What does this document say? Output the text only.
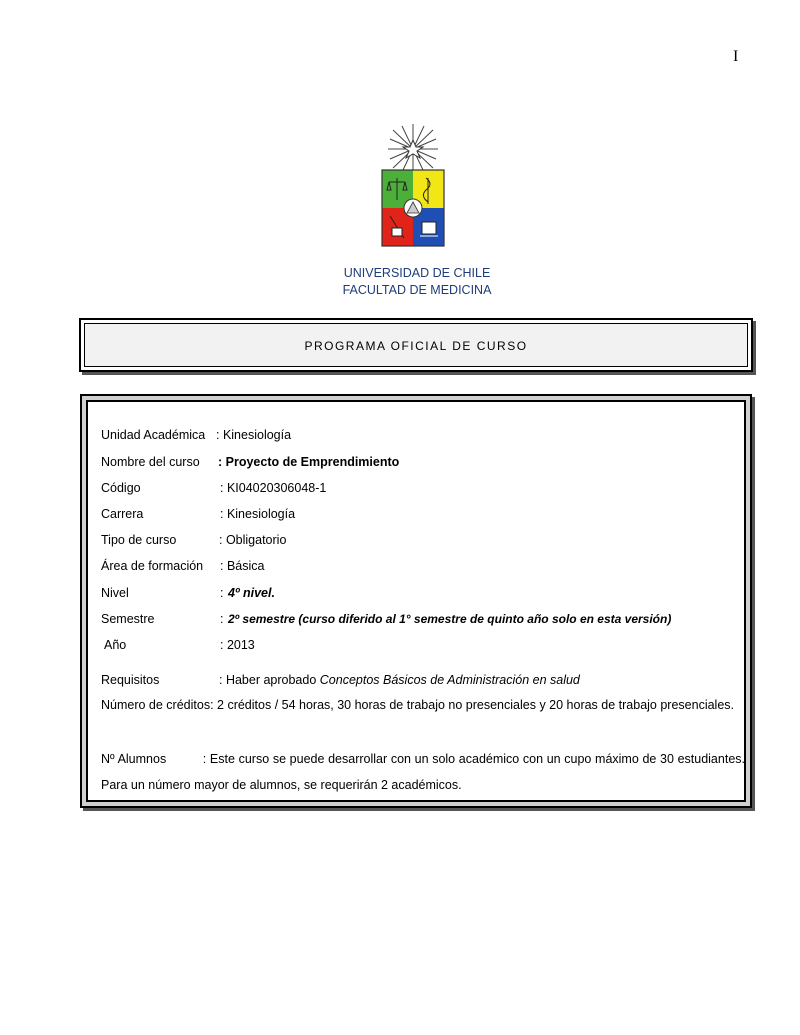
I
UNIVERSIDAD DE CHILE
FACULTAD DE MEDICINA
PROGRAMA OFICIAL DE CURSO
Unidad Académica : Kinesiología
Nombre del curso : Proyecto de Emprendimiento
Código	: KI04020306048-1
Carrera	: Kinesiología
Tipo de curso	: Obligatorio
Área de formación : Básica
Nivel	: 4º nivel.
Semestre	: 2º semestre (curso diferido al 1° semestre de quinto año solo en esta versión)
Año	: 2013
Requisitos	: Haber aprobado Conceptos Básicos de Administración en salud
Número de créditos: 2 créditos / 54 horas, 30 horas de trabajo no presenciales y 20 horas de trabajo presenciales.
Nº Alumnos          : Este curso se puede desarrollar con un solo académico con un cupo máximo de 30 estudiantes. Para un número mayor de alumnos, se requerirán 2 académicos.
